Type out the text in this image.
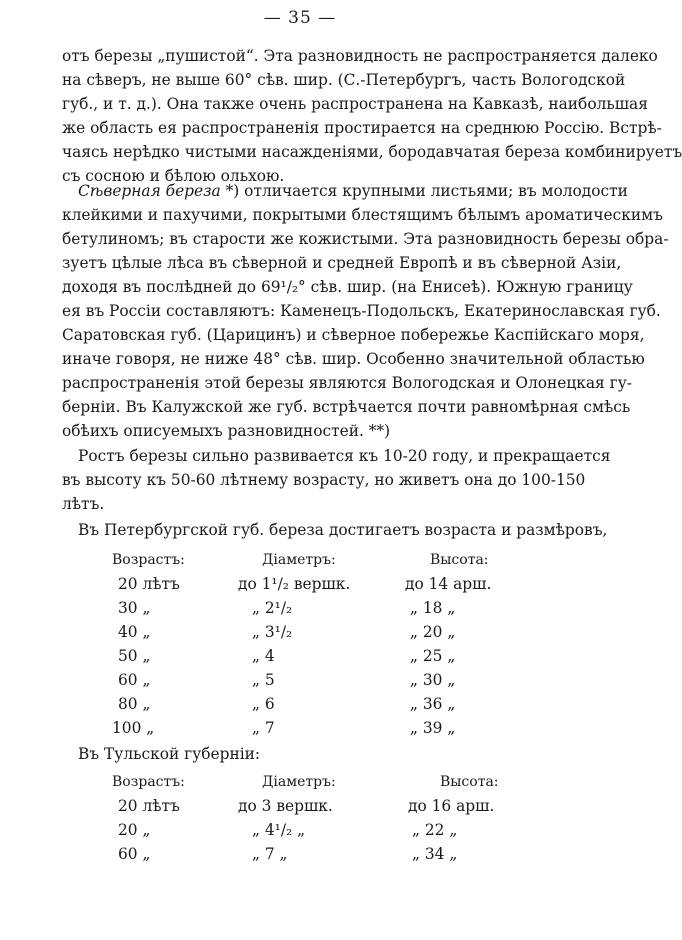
— 35 —
отъ березы „пушистой“. Эта разновидность не распространяется далеко
на сѣверъ, не выше 60° сѣв. шир. (С.-Петербургъ, часть Вологодской
губ., и т. д.). Она также очень распространена на Кавказѣ, наибольшая
же область ея распространенія простирается на среднюю Россію. Встрѣ-
чаясь нерѣдко чистыми насажденіями, бородавчатая береза комбинируетъ
съ сосною и бѣлою ольхою.
Сѣверная береза *) отличается крупными листьями; въ молодости
клейкими и пахучими, покрытыми блестящимъ бѣлымъ ароматическимъ
бетулиномъ; въ старости же кожистыми. Эта разновидность березы обра-
зуетъ цѣлые лѣса въ сѣверной и средней Европѣ и въ сѣверной Азіи,
доходя въ послѣдней до 69¹/₂° сѣв. шир. (на Енисеѣ). Южную границу
ея въ Россіи составляютъ: Каменецъ-Подольскъ, Екатеринославская губ.
Саратовская губ. (Царицинъ) и сѣверное побережье Каспійскаго моря,
иначе говоря, не ниже 48° сѣв. шир. Особенно значительной областью
распространенія этой березы являются Вологодская и Олонецкая гу-
берніи. Въ Калужской же губ. встрѣчается почти равномѣрная смѣсь
обѣихъ описуемыхъ разновидностей. **)
Ростъ березы сильно развивается къ 10-20 году, и прекращается
въ высоту къ 50-60 лѣтнему возрасту, но живетъ она до 100-150
лѣтъ.
Въ Петербургской губ. береза достигаетъ возраста и размѣровъ,
Возрастъ:	Діаметръ:	Высота:
20 лѣтъ	до 1¹/₂ вершк.	до 14 арш.
30 „	„ 2¹/₂	„ 18 „
40 „	„ 3¹/₂	„ 20 „
50 „	„ 4	„ 25 „
60 „	„ 5	„ 30 „
80 „	„ 6	„ 36 „
100 „	„ 7	„ 39 „
Въ Тульской губерніи:
Возрастъ:	Діаметръ:	Высота:
20 лѣтъ	до 3 вершк.	до 16 арш.
20 „	„ 4¹/₂ „	„ 22 „
60 „	„ 7 „	„ 34 „
